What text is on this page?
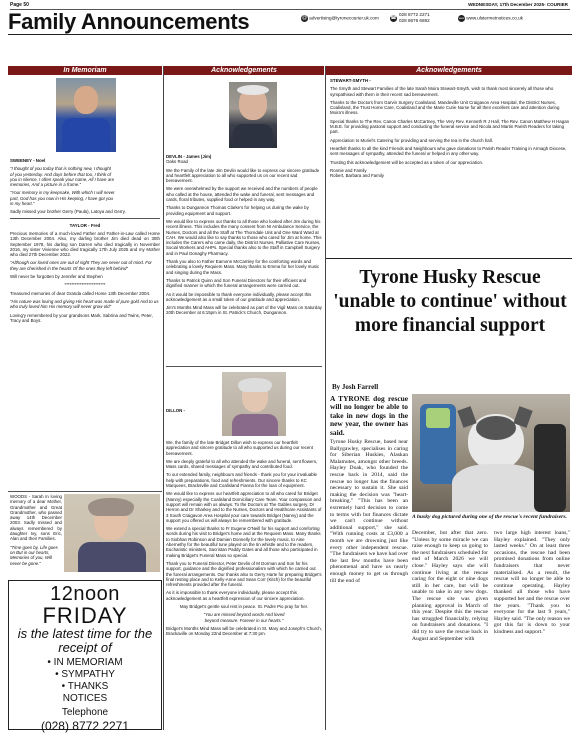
Page 50	WEDNESDAY, 17th December 2025- COURIER
Family Announcements	@ advertising@tyronecourier.uk.com ☎
028 8772 2271
028 8676 6692	www www.ulstermetnotices.co.uk
In Memoriam	Acknowledgements	Acknowledgements

SWEENEY - Noel

"I thought of you today that is nothing new, I thought of you yesterday. And days before that too, I think of you in silence, I often speak your name, All I have are memories, And a picture in a frame."

"Your memory is my keepsake, With which I will never part, God has you now in His keeping, I have got you in my heart."

Sadly missed your brother Gerry (Paula), Latoya and Gerry.

TAYLOR - Fred

Precious memories of a much-loved Father and Father-in-Law called Home 13th December 2004. Also, my darling brother Jim died dead on 30th September 1978, his darling son Darren who died tragically in November 2016, my sister Vivienne who died tragically 17th July 2025 and my Mother who died 27th December 2022.

"Although our loved ones are out of sight They are never out of mind. For they are cherished in the hearts Of the ones they left behind"

Will never be forgotten by Jennifer and Stephen

************************

Treasured memories of dear Granda called Home 13th December 2004.

"His nature was loving and giving His heart was made of pure gold And to us who truly loved him His memory will never grow old"

Loving'y remembered by your grandsons Mark, Sabrina and Twins, Peter, Tracy and Boys.

WOODS - Sarah In loving memory of a dear Mother, Grandmother and Great Grandmother, who passed away 14th December 2003. Sadly missed and always remembered by daughter Ivy, sons Eric, Alan and their Families.

"Time goes by, Life goes on But in our hearts, Memories of you, Will never be gone."

12noon
FRIDAY
is the latest time for the receipt of
• IN MEMORIAM
• SYMPATHY
• THANKS
NOTICES
Telephone
(028) 8772 2271

DEVLIN - James (Jim)

Oaks Road

We the Family of the late Jim Devlin would like to express our sincere gratitude and heartfelt appreciation to all who supported us on our recent sad bereavement.

We were overwhelmed by the support we received and the numbers of people who called at the house, attended the wake and funeral, sent messages and cards, floral tributes, supplied food or helped in any way.

Thanks to Dungannon Thomas Clarke's for helping us during the wake by providing equipment and support.

We would like to express our thanks to all those who looked after Jim during his recent illness. This includes the many consent from NI Ambulance Service, the Nurses, Doctors and all the Staff at The Thorndale Unit and One Ward Ward at CAH. We would also like to say thanks to those who cared for Jim at home. This includes the Carers who came daily, the District Nurses, Palliative Care Nurses, Social Workers and AHPs. Special thanks also to the Staff in Campbell Surgery and in Paul Donaghy Pharmacy.

Thank you also to Father Eamonn McCamley for the comforting words and celebrating a lovely Requiem Mass. Many thanks to Emma for her lovely music and singing during the Mass.

Thanks to Patrick Quinn and Son Funeral Directors for their efficient and dignified manner in which the funeral arrangements were carried out.

As it would be impossible to thank everyone individually, please accept this acknowledgement as a small token of our gratitude and appreciation.

Jim's Months Mind Mass will be celebrated as part of the Vigil Mass on Saturday 20th December at 6:15pm in St. Patrick's Church, Dungannon.

DILLON -

We, the family of the late Bridget Dillon wish to express our heartfelt appreciation and sincere gratitude to all who supported us during our recent bereavement.

We are deeply grateful to all who attended the wake and funeral, sent flowers, Mass cards, shared messages of sympathy and contributed food.

To our extended family, neighbours and friends - thank you for your invaluable help with preparations, food and refreshments. Our sincere thanks to KC Marquees, Bracksville and Coalisland Fianna for the loan of equipment.

We would like to express our heartfelt appreciation to all who cared for Bridget (Nanny) especially the Coalisland Domiciliary Care Team. Your compassion and support will remain with us always. To the Doctors at The Gables surgery, Dr Herron and Dr Sharkey and to the Nurses, Doctors and Healthcare Assistants of 3 South Craigavon Area Hospital your care towards Bridget (Nanny) and the support you offered us will always be remembered with gratitude.

We extend a special thanks to Fr Eugene O'Neill for his support and comforting words during his visit to Bridget's home and at the Requiem Mass. Many thanks to Siobhan Robinson and Damien Donnelly for the lovely music, to Aine Abernethy for the beautiful tune played on the tin whistle and to the readers, Eucharistic ministers, Sacristan Paddy Gates and all those who participated in making Bridget's Funeral Mass so special.

Thank you to Funeral Director, Peter Devlin of M Dorman and Son for his support, guidance and the dignified professionalism with which he carried out the funeral arrangements. Our thanks also to Gerry Harte for preparing Bridget's final resting place and to Kelly-Anne and Sean Corr (Kitch) for the beautiful refreshments provided after the funeral.

As it is impossible to thank everyone individually, please accept this acknowledgement as a heartfelt expression of our sincere appreciation.

May Bridget's gentle soul rest in peace. St. Padre Pio pray for her.

"You are missed beyond words And loved beyond measure. Forever in our hearts."

Bridget's Months Mind Mass will be celebrated in St. Mary and Joseph's Church, Brackaville on Monday 22nd December at 7:30 pm.

STEWART-SMYTH -

The Smyth and Stewart Families of the late Sarah Moira Stewart-Smyth, wish to thank most sincerely all those who sympathised with them in their recent sad bereavement.

Thanks to the Doctors from Garvin Surgery Coalisland, Mandeville Unit Craigavon Area Hospital, the District Nurses, Coalisland, the Trust Home Care, Coalisland and the Marie Curie Nurse for all their excellent care and attention during Moira's illness.

Special thanks to The Rev. Canon Charles McCartney, The Very Rev. Kenneth R J Hall, The Rev. Canon Matthew H Hagan M.B.E. for providing pastoral support and conducting the funeral service and Nicola and Martin Parish Readers for taking part.

Appreciation to Muriel's Catering for providing and serving the tea in the church hall.

Heartfelt thanks to all the kind Friends and Neighbours who gave donations to Parish Reader Training in Armagh Diocese, sent messages of sympathy, attended the funeral or helped in any other way.

Trusting this acknowledgement will be accepted as a token of our appreciation.

Ronnie and Family

Robert, Barbara and Family

Tyrone Husky Rescue 'unable to continue' without more financial support
By Josh Farrell

A TYRONE dog rescue will no longer be able to take in new dogs in the new year, the owner has said.

Tyrone Husky Rescue, based near Ballygawley, specialises in caring for Siberian Huskies, Alaskan Malamutes, amongst other breeds. Hayley Doak, who founded the rescue back in 2014, said the rescue no longer has the finances necessary to sustain it. She said making the decision was "heart-breaking." "This has been an extremely hard decision to come to terms with but finances dictate we can't continue without additional support," she said. "With running costs at £3,000 a month we are drowning just like every other independent rescue. "The fundraisers we have had over the last few months have been phenomenal and have us nearly enough money to get us through till the end of

A husky dog pictured during one of the rescue's recent fundraisers.

December, but after that zero. "Unless by some miracle we can raise enough to keep us going to the next fundraisers scheduled for end of March 2026 we will close." Hayley says she will continue living at the rescue caring for the eight or nine dogs still in her care, but will be unable to take in any new dogs. The rescue site was given planning approval in March of this year. Despite this the rescue has struggled financially, relying on fundraisers and donations. "I did try to save the rescue back in August and September with

two large high interest loans," Hayley explained. "They only lasted weeks." On at least three occasions, the rescue had been promised donations from online fundraisers that never materialised. As a result, the rescue will no longer be able to continue operating. Hayley thanked all those who have supported her and the rescue over the years. "Thank you to everyone for the last 9 years," Hayley said. "The only reason we got this far is down to your kindness and support."
